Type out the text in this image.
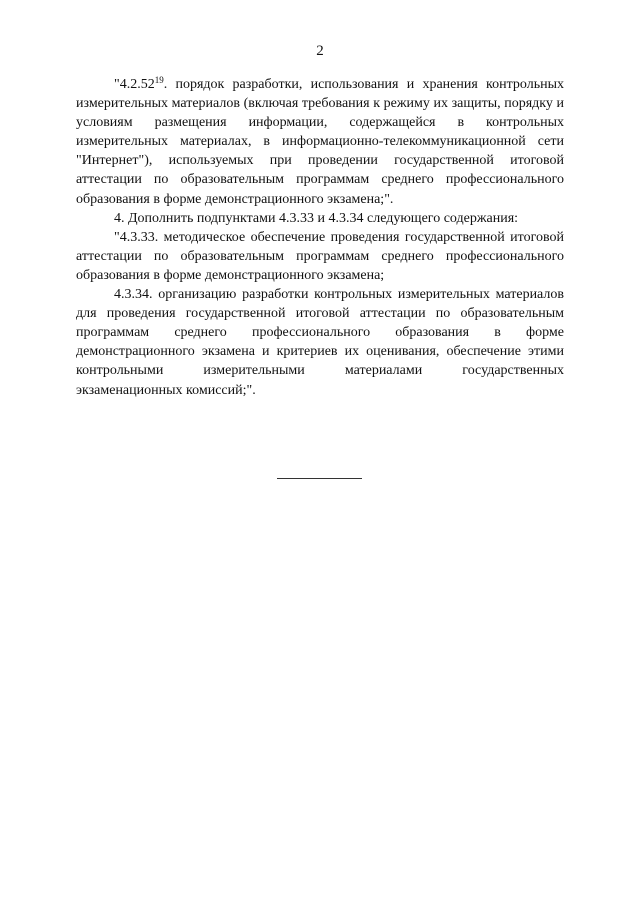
2

"4.2.52$^{19}$. порядок разработки, использования и хранения контрольных измерительных материалов (включая требования к режиму их защиты, порядку и условиям размещения информации, содержащейся в контрольных измерительных материалах, в информационно-телекоммуникационной сети "Интернет"), используемых при проведении государственной итоговой аттестации по образовательным программам среднего профессионального образования в форме демонстрационного экзамена;".

4. Дополнить подпунктами 4.3.33 и 4.3.34 следующего содержания:

"4.3.33. методическое обеспечение проведения государственной итоговой аттестации по образовательным программам среднего профессионального образования в форме демонстрационного экзамена;

4.3.34. организацию разработки контрольных измерительных материалов для проведения государственной итоговой аттестации по образовательным программам среднего профессионального образования в форме демонстрационного экзамена и критериев их оценивания, обеспечение этими контрольными измерительными материалами государственных экзаменационных комиссий;".
